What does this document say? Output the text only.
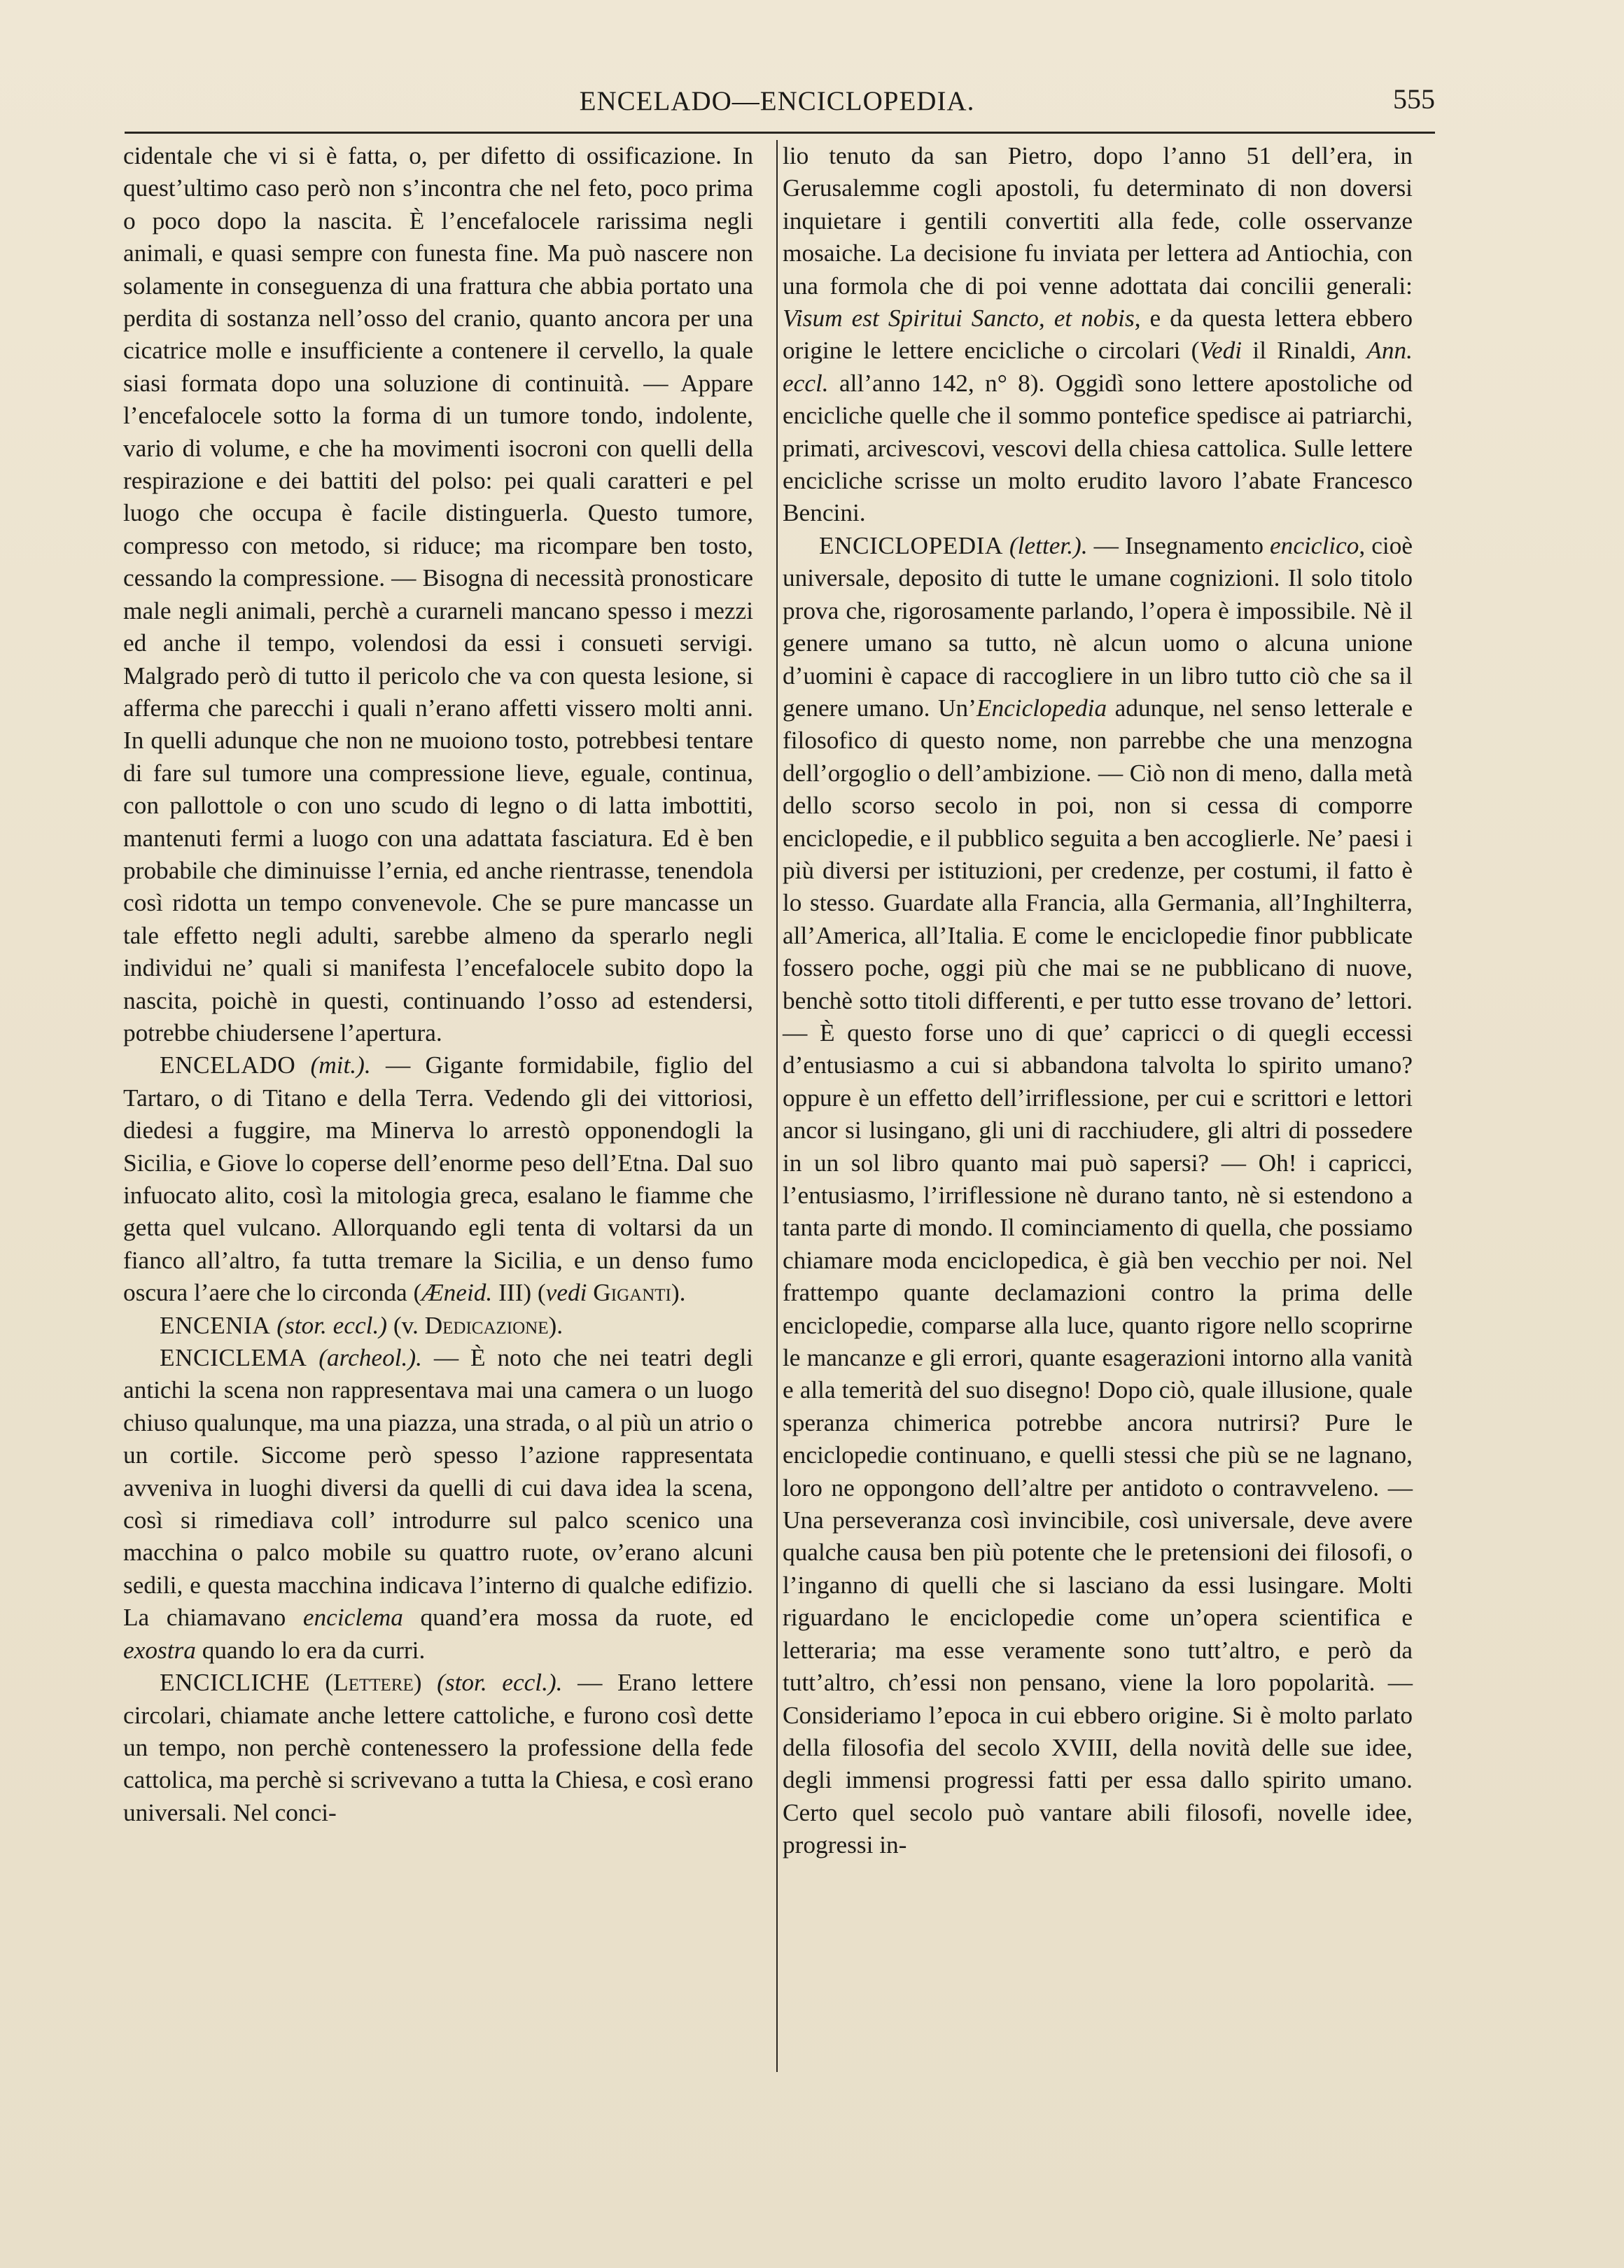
ENCELADO—ENCICLOPEDIA.	555

cidentale che vi si è fatta, o, per difetto di ossificazione. In quest’ultimo caso però non s’incontra che nel feto, poco prima o poco dopo la nascita. È l’encefalocele rarissima negli animali, e quasi sempre con funesta fine. Ma può nascere non solamente in conseguenza di una frattura che abbia portato una perdita di sostanza nell’osso del cranio, quanto ancora per una cicatrice molle e insufficiente a contenere il cervello, la quale siasi formata dopo una soluzione di continuità. — Appare l’encefalocele sotto la forma di un tumore tondo, indolente, vario di volume, e che ha movimenti isocroni con quelli della respirazione e dei battiti del polso: pei quali caratteri e pel luogo che occupa è facile distinguerla. Questo tumore, compresso con metodo, si riduce; ma ricompare ben tosto, cessando la compressione. — Bisogna di necessità pronosticare male negli animali, perchè a curarneli mancano spesso i mezzi ed anche il tempo, volendosi da essi i consueti servigi. Malgrado però di tutto il pericolo che va con questa lesione, si afferma che parecchi i quali n’erano affetti vissero molti anni. In quelli adunque che non ne muoiono tosto, potrebbesi tentare di fare sul tumore una compressione lieve, eguale, continua, con pallottole o con uno scudo di legno o di latta imbottiti, mantenuti fermi a luogo con una adattata fasciatura. Ed è ben probabile che diminuisse l’ernia, ed anche rientrasse, tenendola così ridotta un tempo convenevole. Che se pure mancasse un tale effetto negli adulti, sarebbe almeno da sperarlo negli individui ne’ quali si manifesta l’encefalocele subito dopo la nascita, poichè in questi, continuando l’osso ad estendersi, potrebbe chiudersene l’apertura.

ENCELADO (mit.). — Gigante formidabile, figlio del Tartaro, o di Titano e della Terra. Vedendo gli dei vittoriosi, diedesi a fuggire, ma Minerva lo arrestò opponendogli la Sicilia, e Giove lo coperse dell’enorme peso dell’Etna. Dal suo infuocato alito, così la mitologia greca, esalano le fiamme che getta quel vulcano. Allorquando egli tenta di voltarsi da un fianco all’altro, fa tutta tremare la Sicilia, e un denso fumo oscura l’aere che lo circonda (Æneid. III) (vedi Giganti).

ENCENIA (stor. eccl.) (v. Dedicazione).

ENCICLEMA (archeol.). — È noto che nei teatri degli antichi la scena non rappresentava mai una camera o un luogo chiuso qualunque, ma una piazza, una strada, o al più un atrio o un cortile. Siccome però spesso l’azione rappresentata avveniva in luoghi diversi da quelli di cui dava idea la scena, così si rimediava coll’ introdurre sul palco scenico una macchina o palco mobile su quattro ruote, ov’erano alcuni sedili, e questa macchina indicava l’interno di qualche edifizio. La chiamavano enciclema quand’era mossa da ruote, ed exostra quando lo era da curri.

ENCICLICHE (Lettere) (stor. eccl.). — Erano lettere circolari, chiamate anche lettere cattoliche, e furono così dette un tempo, non perchè contenessero la professione della fede cattolica, ma perchè si scrivevano a tutta la Chiesa, e così erano universali. Nel conci-

lio tenuto da san Pietro, dopo l’anno 51 dell’era, in Gerusalemme cogli apostoli, fu determinato di non doversi inquietare i gentili convertiti alla fede, colle osservanze mosaiche. La decisione fu inviata per lettera ad Antiochia, con una formola che di poi venne adottata dai concilii generali: Visum est Spiritui Sancto, et nobis, e da questa lettera ebbero origine le lettere encicliche o circolari (Vedi il Rinaldi, Ann. eccl. all’anno 142, n° 8). Oggidì sono lettere apostoliche od encicliche quelle che il sommo pontefice spedisce ai patriarchi, primati, arcivescovi, vescovi della chiesa cattolica. Sulle lettere encicliche scrisse un molto erudito lavoro l’abate Francesco Bencini.

ENCICLOPEDIA (letter.). — Insegnamento enciclico, cioè universale, deposito di tutte le umane cognizioni. Il solo titolo prova che, rigorosamente parlando, l’opera è impossibile. Nè il genere umano sa tutto, nè alcun uomo o alcuna unione d’uomini è capace di raccogliere in un libro tutto ciò che sa il genere umano. Un’Enciclopedia adunque, nel senso letterale e filosofico di questo nome, non parrebbe che una menzogna dell’orgoglio o dell’ambizione. — Ciò non di meno, dalla metà dello scorso secolo in poi, non si cessa di comporre enciclopedie, e il pubblico seguita a ben accoglierle. Ne’ paesi i più diversi per istituzioni, per credenze, per costumi, il fatto è lo stesso. Guardate alla Francia, alla Germania, all’Inghilterra, all’America, all’Italia. E come le enciclopedie finor pubblicate fossero poche, oggi più che mai se ne pubblicano di nuove, benchè sotto titoli differenti, e per tutto esse trovano de’ lettori. — È questo forse uno di que’ capricci o di quegli eccessi d’entusiasmo a cui si abbandona talvolta lo spirito umano? oppure è un effetto dell’irriflessione, per cui e scrittori e lettori ancor si lusingano, gli uni di racchiudere, gli altri di possedere in un sol libro quanto mai può sapersi? — Oh! i capricci, l’entusiasmo, l’irriflessione nè durano tanto, nè si estendono a tanta parte di mondo. Il cominciamento di quella, che possiamo chiamare moda enciclopedica, è già ben vecchio per noi. Nel frattempo quante declamazioni contro la prima delle enciclopedie, comparse alla luce, quanto rigore nello scoprirne le mancanze e gli errori, quante esagerazioni intorno alla vanità e alla temerità del suo disegno! Dopo ciò, quale illusione, quale speranza chimerica potrebbe ancora nutrirsi? Pure le enciclopedie continuano, e quelli stessi che più se ne lagnano, loro ne oppongono dell’altre per antidoto o contravveleno. — Una perseveranza così invincibile, così universale, deve avere qualche causa ben più potente che le pretensioni dei filosofi, o l’inganno di quelli che si lasciano da essi lusingare. Molti riguardano le enciclopedie come un’opera scientifica e letteraria; ma esse veramente sono tutt’altro, e però da tutt’altro, ch’essi non pensano, viene la loro popolarità. — Consideriamo l’epoca in cui ebbero origine. Si è molto parlato della filosofia del secolo XVIII, della novità delle sue idee, degli immensi progressi fatti per essa dallo spirito umano. Certo quel secolo può vantare abili filosofi, novelle idee, progressi in-
